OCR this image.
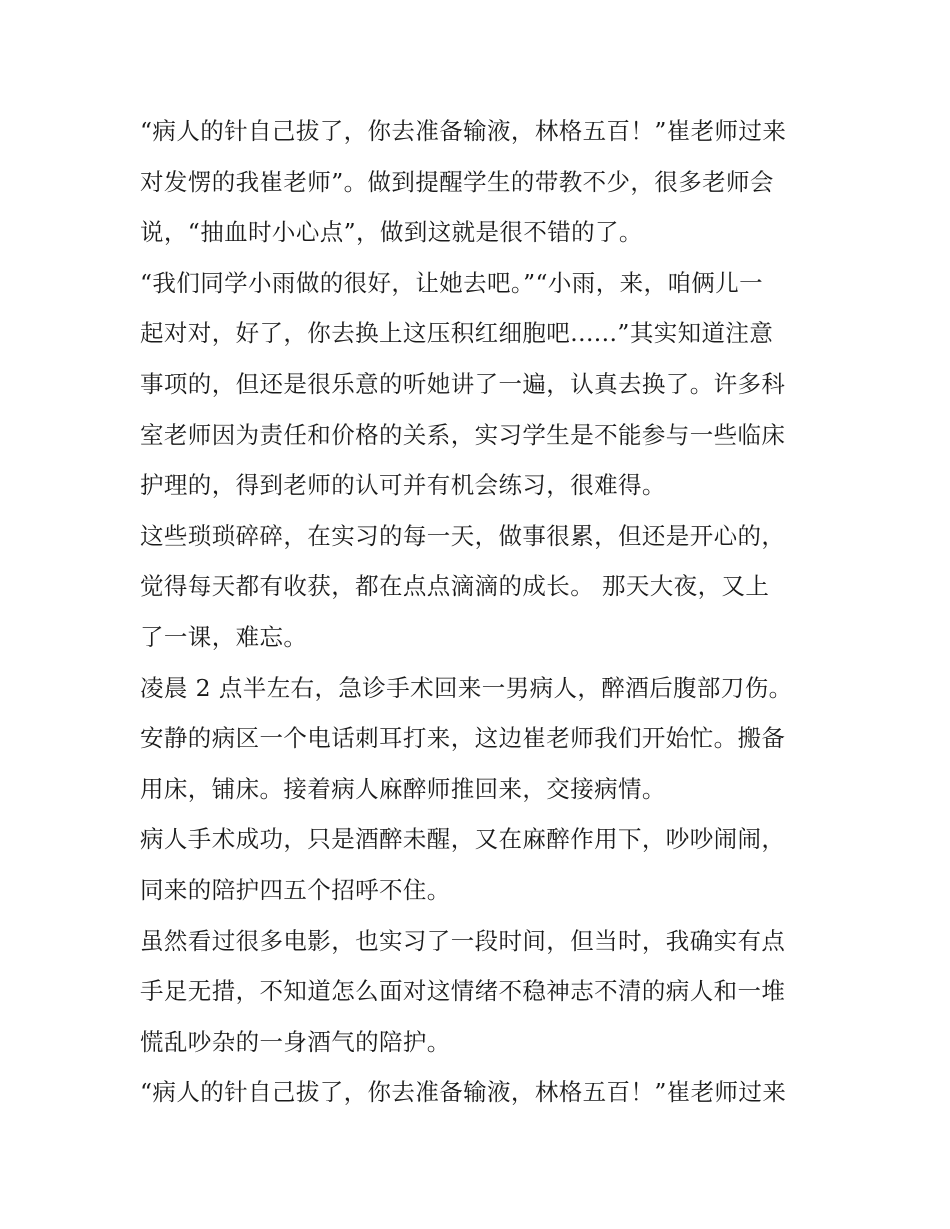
“病人的针自己拔了，你去准备输液，林格五百！”崔老师过来
对发愣的我崔老师”。做到提醒学生的带教不少，很多老师会
说，“抽血时小心点”，做到这就是很不错的了。
“我们同学小雨做的很好，让她去吧。”“小雨，来，咱俩儿一
起对对，好了，你去换上这压积红细胞吧......”其实知道注意
事项的，但还是很乐意的听她讲了一遍，认真去换了。许多科
室老师因为责任和价格的关系，实习学生是不能参与一些临床
护理的，得到老师的认可并有机会练习，很难得。
这些琐琐碎碎，在实习的每一天，做事很累，但还是开心的，
觉得每天都有收获，都在点点滴滴的成长。 那天大夜，又上
了一课，难忘。
凌晨 2 点半左右，急诊手术回来一男病人，醉酒后腹部刀伤。
安静的病区一个电话刺耳打来，这边崔老师我们开始忙。搬备
用床，铺床。接着病人麻醉师推回来，交接病情。
病人手术成功，只是酒醉未醒，又在麻醉作用下，吵吵闹闹，
同来的陪护四五个招呼不住。
虽然看过很多电影，也实习了一段时间，但当时，我确实有点
手足无措，不知道怎么面对这情绪不稳神志不清的病人和一堆
慌乱吵杂的一身酒气的陪护。
“病人的针自己拔了，你去准备输液，林格五百！”崔老师过来
